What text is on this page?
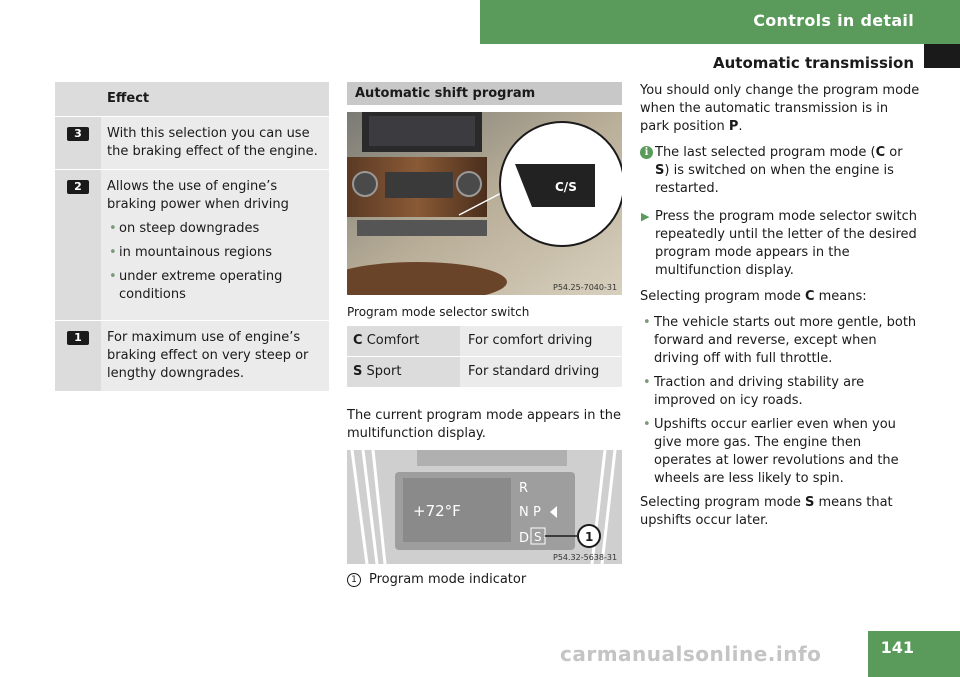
Controls in detail
Automatic transmission
Effect
3	With this selection you can use the braking effect of the engine.
2	Allows the use of engine’s braking power when driving
• on steep downgrades
• in mountainous regions
• under extreme operating conditions
1	For maximum use of engine’s braking effect on very steep or lengthy downgrades.
Automatic shift program
C/S
P54.25-7040-31
Program mode selector switch
C Comfort	For comfort driving
S Sport	For standard driving
The current program mode appears in the multifunction display.
+72°F
R
N P
D S	1
P54.32-5638-31
1 Program mode indicator

You should only change the program mode when the automatic transmission is in park position P.

i The last selected program mode (C or S) is switched on when the engine is restarted.

▶ Press the program mode selector switch repeatedly until the letter of the desired program mode appears in the multifunction display.

Selecting program mode C means:

• The vehicle starts out more gentle, both forward and reverse, except when driving off with full throttle.
• Traction and driving stability are improved on icy roads.
• Upshifts occur earlier even when you give more gas. The engine then operates at lower revolutions and the wheels are less likely to spin.

Selecting program mode S means that upshifts occur later.

141
carmanualsonline.info
